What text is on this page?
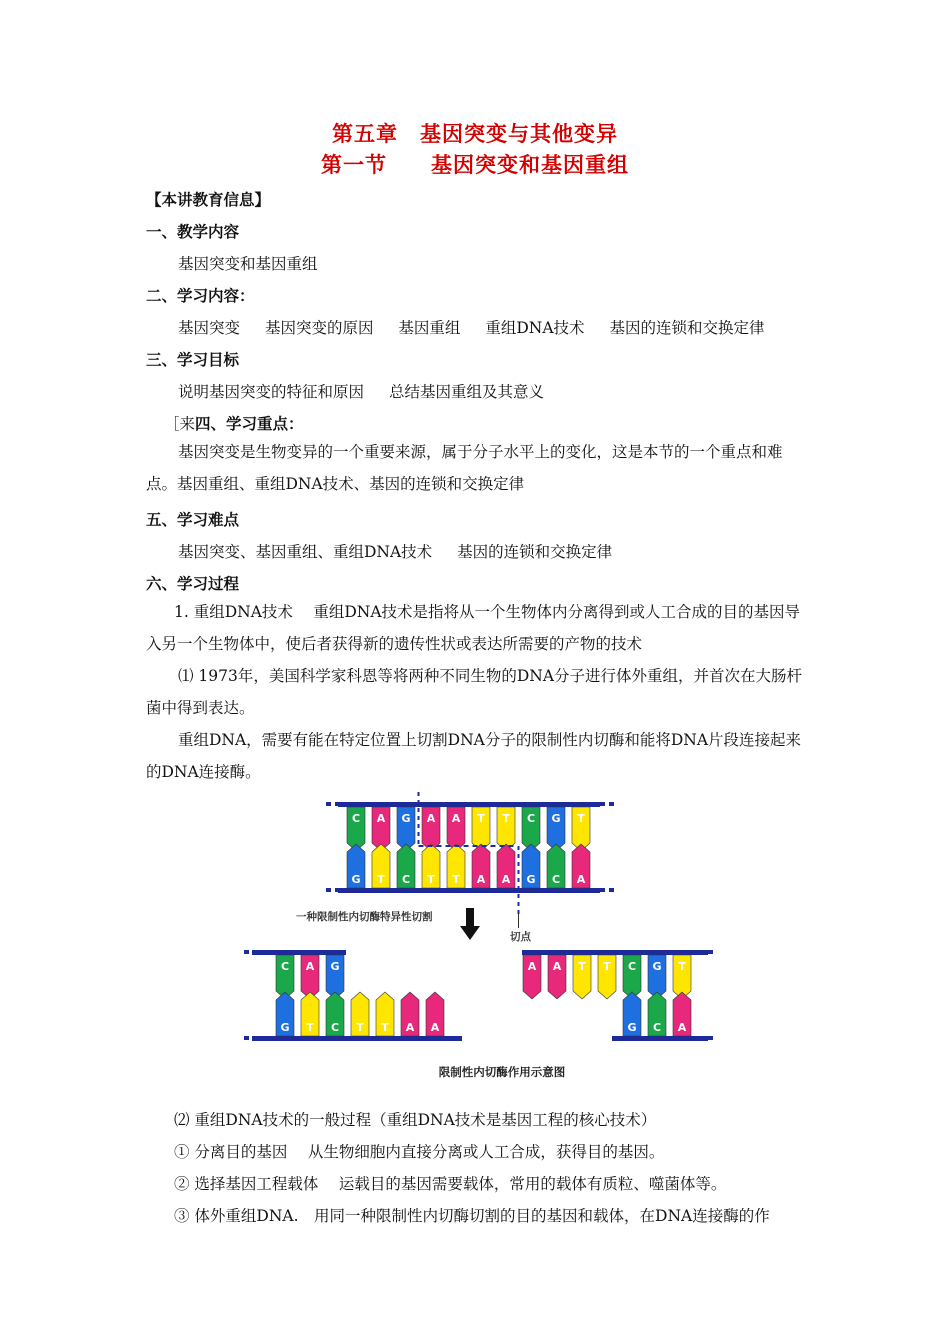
第五章　基因突变与其他变异
第一节　　基因突变和基因重组
【本讲教育信息】
一、教学内容
基因突变和基因重组
二、学习内容：
基因突变 基因突变的原因 基因重组 重组DNA技术 基因的连锁和交换定律
三、学习目标
说明基因突变的特征和原因 总结基因重组及其意义
［来四、学习重点：
基因突变是生物变异的一个重要来源，属于分子水平上的变化，这是本节的一个重点和难点。基因重组、重组DNA技术、基因的连锁和交换定律
五、学习难点
基因突变、基因重组、重组DNA技术 基因的连锁和交换定律
六、学习过程
1. 重组DNA技术　 重组DNA技术是指将从一个生物体内分离得到或人工合成的目的基因导入另一个生物体中，使后者获得新的遗传性状或表达所需要的产物的技术
⑴ 1973年，美国科学家科恩等将两种不同生物的DNA分子进行体外重组，并首次在大肠杆菌中得到表达。
重组DNA，需要有能在特定位置上切割DNA分子的限制性内切酶和能将DNA片段连接起来的DNA连接酶。
C A G A A T T C G T
G T C T T A A G C A
一种限制性内切酶特异性切割
切点
C A G
G T C T T A A
A A T T C G T
G C A
限制性内切酶作用示意图
⑵ 重组DNA技术的一般过程（重组DNA技术是基因工程的核心技术）
① 分离目的基因　 从生物细胞内直接分离或人工合成，获得目的基因。
② 选择基因工程载体　 运载目的基因需要载体，常用的载体有质粒、噬菌体等。
③ 体外重组DNA.　用同一种限制性内切酶切割的目的基因和载体，在DNA连接酶的作
